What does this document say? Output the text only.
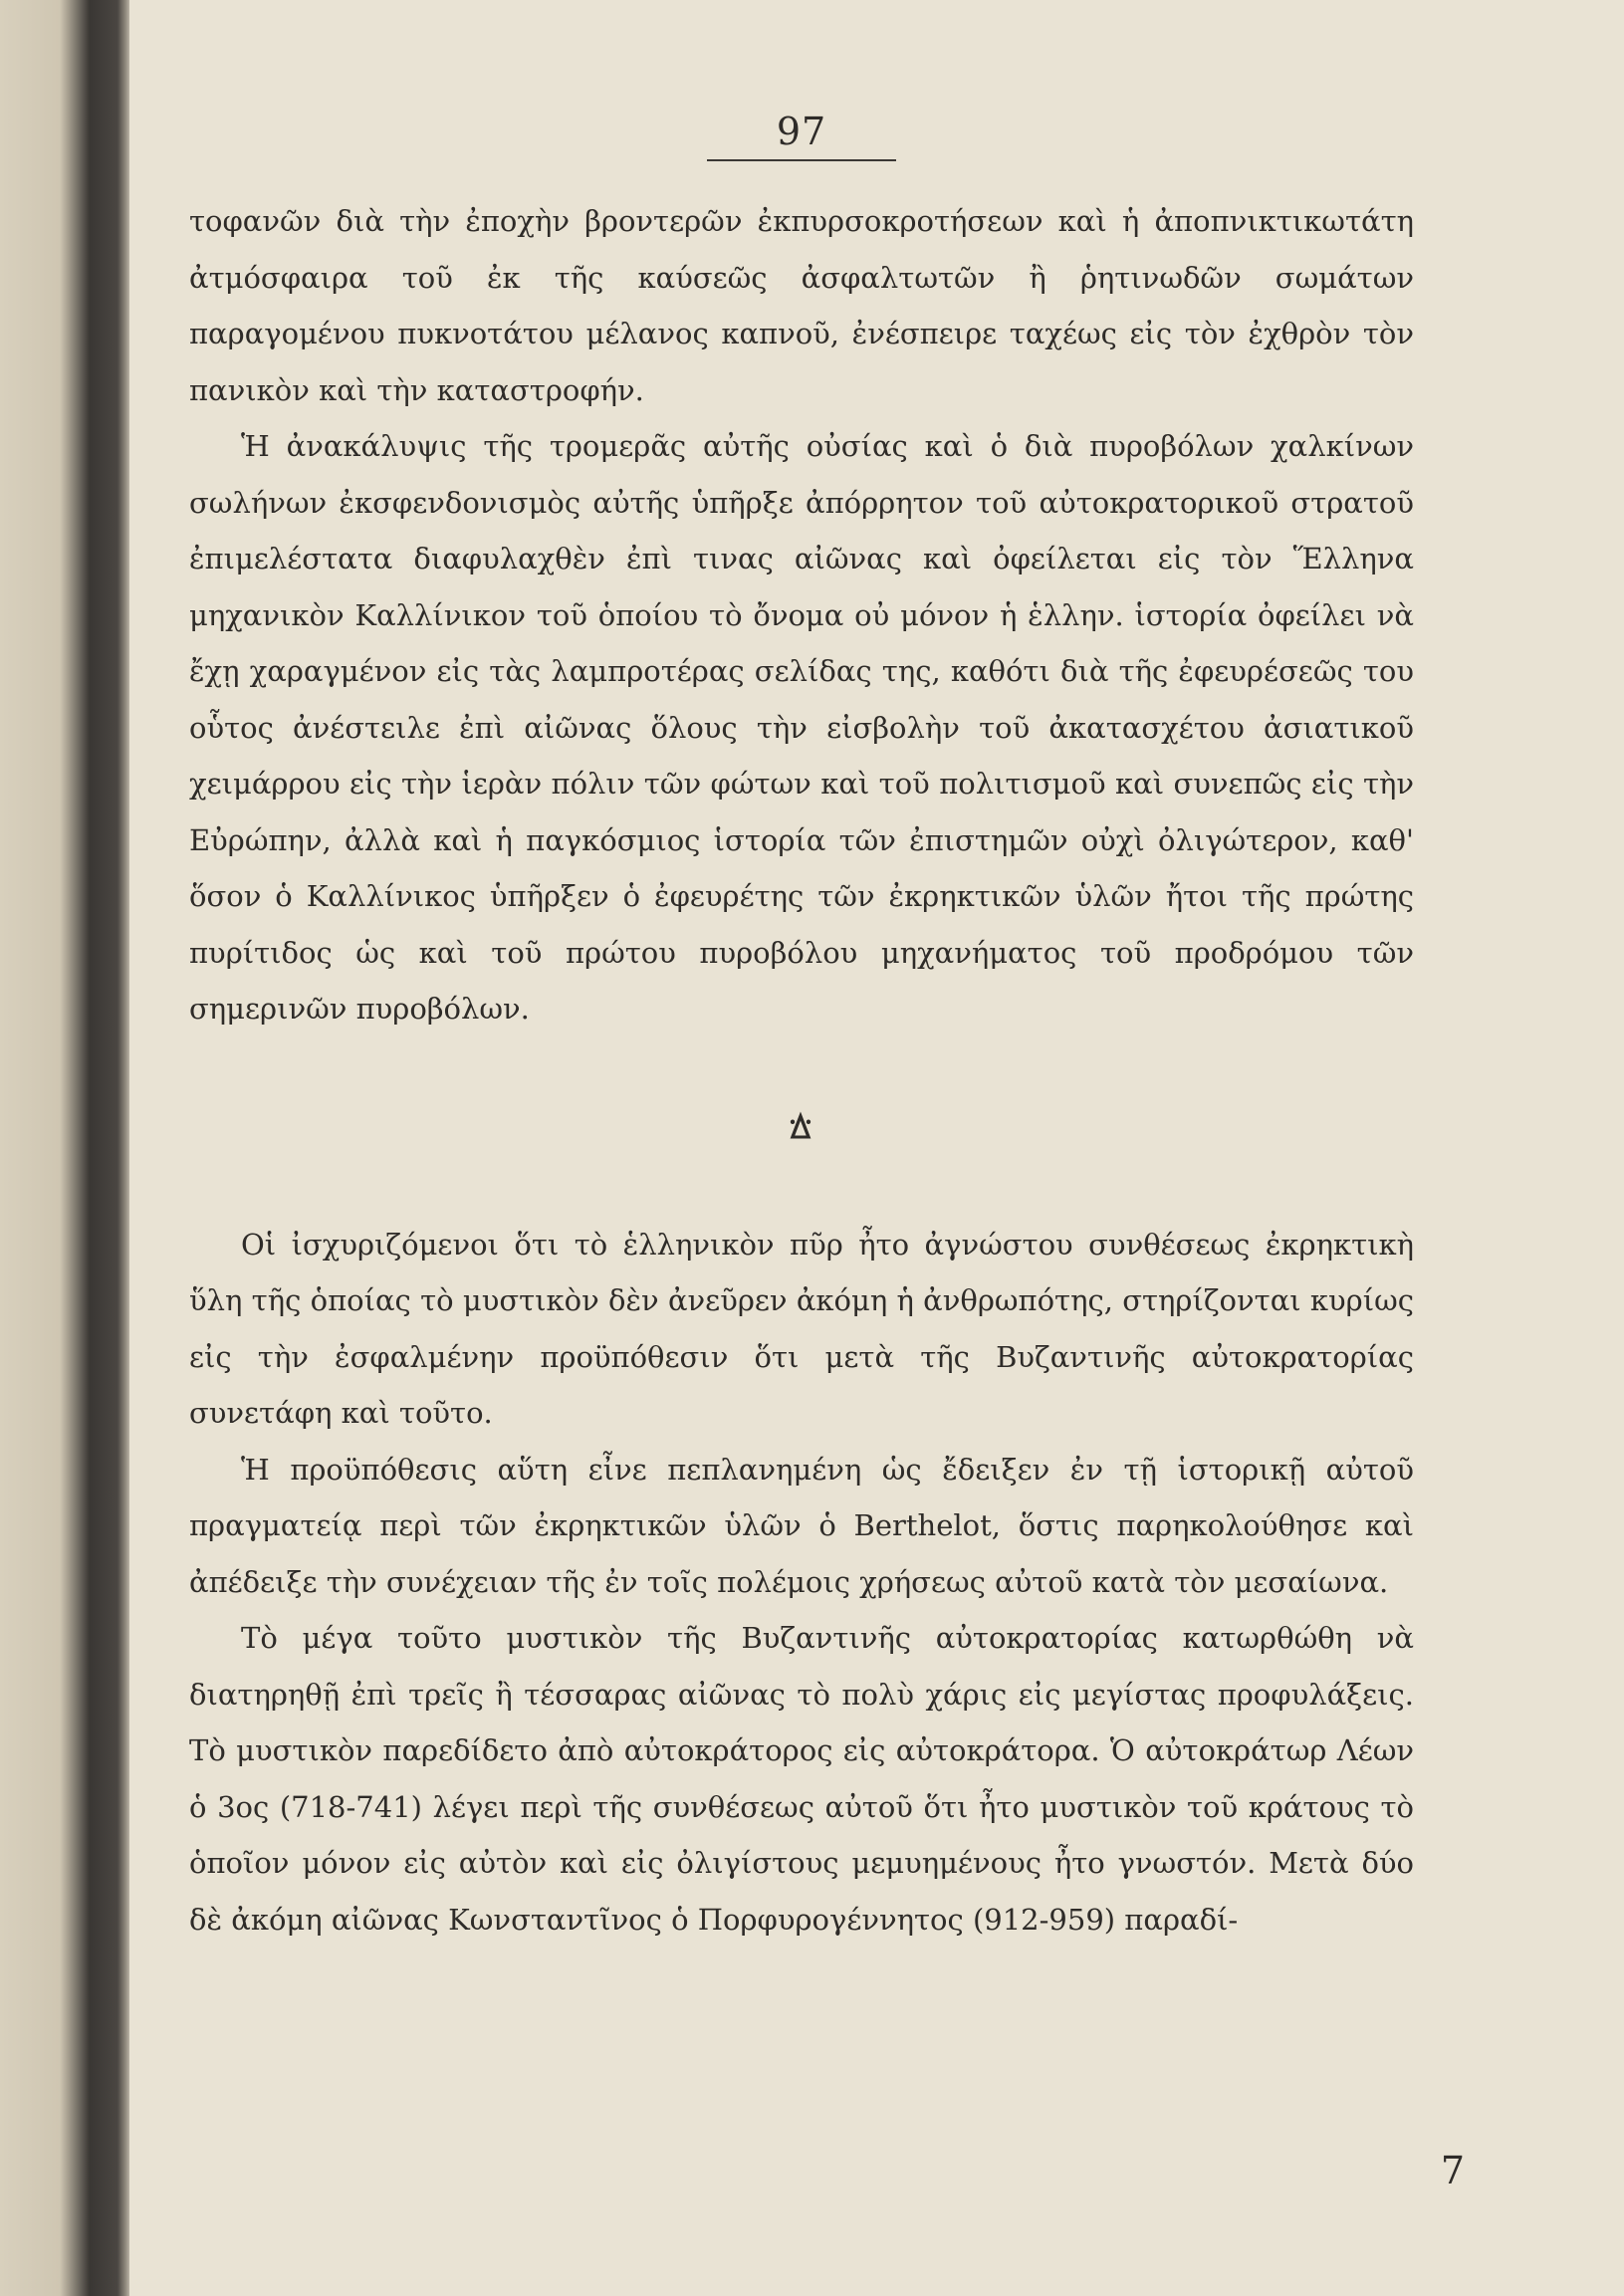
97

τοφανῶν διὰ τὴν ἐποχὴν βροντερῶν ἐκπυρσοκροτήσεων καὶ ἡ ἀποπνικτικωτάτη ἀτμόσφαιρα τοῦ ἐκ τῆς καύσεῶς ἀσφαλτωτῶν ἢ ῥητινωδῶν σωμάτων παραγομένου πυκνοτάτου μέλανος καπνοῦ, ἐνέσπειρε ταχέως εἰς τὸν ἐχθρὸν τὸν πανικὸν καὶ τὴν καταστροφήν.

Ἡ ἀνακάλυψις τῆς τρομερᾶς αὐτῆς οὐσίας καὶ ὁ διὰ πυροβόλων χαλκίνων σωλήνων ἐκσφενδονισμὸς αὐτῆς ὑπῆρξε ἀπόρρητον τοῦ αὐτοκρατορικοῦ στρατοῦ ἐπιμελέστατα διαφυλαχθὲν ἐπὶ τινας αἰῶνας καὶ ὀφείλεται εἰς τὸν Ἕλληνα μηχανικὸν Καλλίνικον τοῦ ὁποίου τὸ ὄνομα οὐ μόνον ἡ ἑλλην. ἱστορία ὀφείλει νὰ ἔχῃ χαραγμένον εἰς τὰς λαμπροτέρας σελίδας της, καθότι διὰ τῆς ἐφευρέσεῶς του οὗτος ἀνέστειλε ἐπὶ αἰῶνας ὅλους τὴν εἰσβολὴν τοῦ ἀκατασχέτου ἀσιατικοῦ χειμάρρου εἰς τὴν ἱερὰν πόλιν τῶν φώτων καὶ τοῦ πολιτισμοῦ καὶ συνεπῶς εἰς τὴν Εὐρώπην, ἀλλὰ καὶ ἡ παγκόσμιος ἱστορία τῶν ἐπιστημῶν οὐχὶ ὀλιγώτερον, καθ' ὅσον ὁ Καλλίνικος ὑπῆρξεν ὁ ἐφευρέτης τῶν ἐκρηκτικῶν ὑλῶν ἤτοι τῆς πρώτης πυρίτιδος ὡς καὶ τοῦ πρώτου πυροβόλου μηχανήματος τοῦ προδρόμου τῶν σημερινῶν πυροβόλων.

ꕖ

Οἱ ἰσχυριζόμενοι ὅτι τὸ ἑλληνικὸν πῦρ ἦτο ἀγνώστου συνθέσεως ἐκρηκτικὴ ὕλη τῆς ὁποίας τὸ μυστικὸν δὲν ἀνεῦρεν ἀκόμη ἡ ἀνθρωπότης, στηρίζονται κυρίως εἰς τὴν ἐσφαλμένην προϋπόθεσιν ὅτι μετὰ τῆς Βυζαντινῆς αὐτοκρατορίας συνετάφη καὶ τοῦτο.

Ἡ προϋπόθεσις αὕτη εἶνε πεπλανημένη ὡς ἔδειξεν ἐν τῇ ἱστορικῇ αὐτοῦ πραγματείᾳ περὶ τῶν ἐκρηκτικῶν ὑλῶν ὁ Berthelot, ὅστις παρηκολούθησε καὶ ἀπέδειξε τὴν συνέχειαν τῆς ἐν τοῖς πολέμοις χρήσεως αὐτοῦ κατὰ τὸν μεσαίωνα.

Τὸ μέγα τοῦτο μυστικὸν τῆς Βυζαντινῆς αὐτοκρατορίας κατωρθώθη νὰ διατηρηθῇ ἐπὶ τρεῖς ἢ τέσσαρας αἰῶνας τὸ πολὺ χάρις εἰς μεγίστας προφυλάξεις. Τὸ μυστικὸν παρεδίδετο ἀπὸ αὐτοκράτορος εἰς αὐτοκράτορα. Ὁ αὐτοκράτωρ Λέων ὁ 3ος (718-741) λέγει περὶ τῆς συνθέσεως αὐτοῦ ὅτι ἦτο μυστικὸν τοῦ κράτους τὸ ὁποῖον μόνον εἰς αὐτὸν καὶ εἰς ὀλιγίστους μεμυημένους ἦτο γνωστόν. Μετὰ δύο δὲ ἀκόμη αἰῶνας Κωνσταντῖνος ὁ Πορφυρογέννητος (912-959) παραδί-

7
